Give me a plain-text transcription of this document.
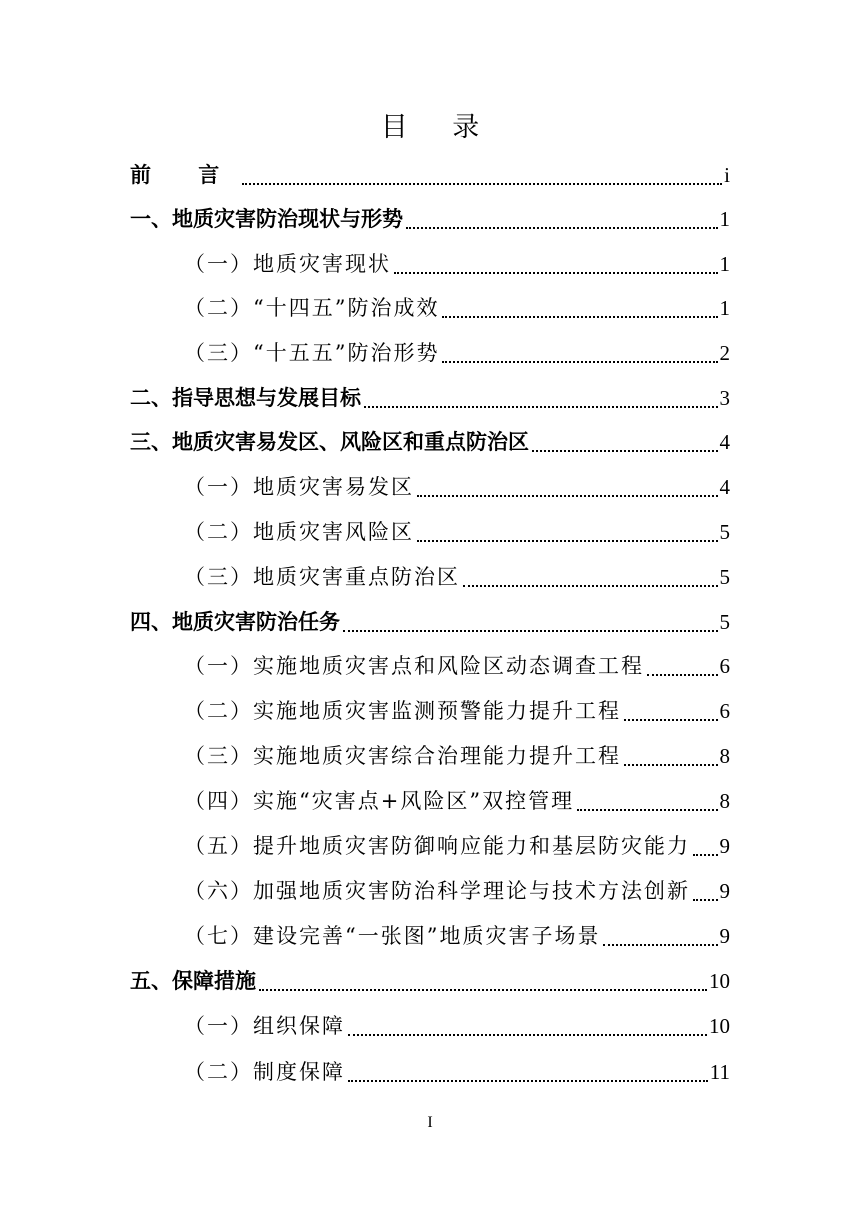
目 录
前 言	i
一、地质灾害防治现状与形势	1
（一）地质灾害现状	1
（二）“十四五”防治成效	1
（三）“十五五”防治形势	2
二、指导思想与发展目标	3
三、地质灾害易发区、风险区和重点防治区	4
（一）地质灾害易发区	4
（二）地质灾害风险区	5
（三）地质灾害重点防治区	5
四、地质灾害防治任务	5
（一）实施地质灾害点和风险区动态调查工程	6
（二）实施地质灾害监测预警能力提升工程	6
（三）实施地质灾害综合治理能力提升工程	8
（四）实施“灾害点+风险区”双控管理	8
（五）提升地质灾害防御响应能力和基层防灾能力 9
（六）加强地质灾害防治科学理论与技术方法创新 9
（七）建设完善“一张图”地质灾害子场景	9
五、保障措施	10
（一）组织保障	10
（二）制度保障	11
I
